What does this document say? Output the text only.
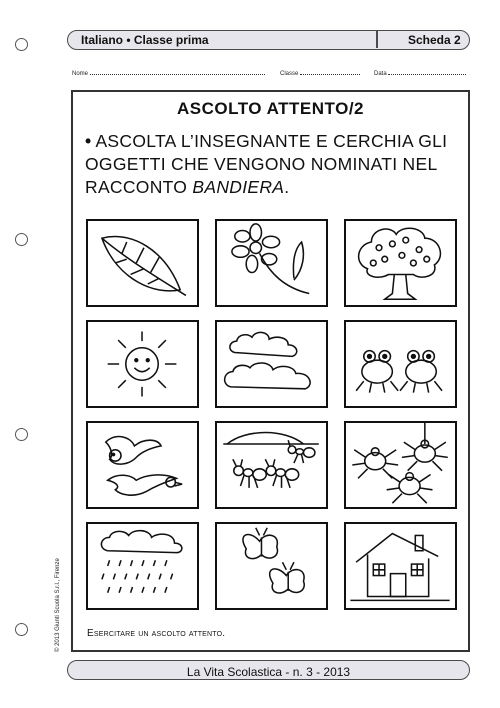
Italiano • Classe prima	Scheda 2
Nome	Classe	Data
ASCOLTO ATTENTO/2
• ASCOLTA L’INSEGNANTE E CERCHIA GLI
OGGETTI CHE VENGONO NOMINATI NEL
RACCONTO BANDIERA.
Esercitare un ascolto attento.
© 2013 Giunti Scuola S.r.l., Firenze
La Vita Scolastica - n. 3 - 2013
